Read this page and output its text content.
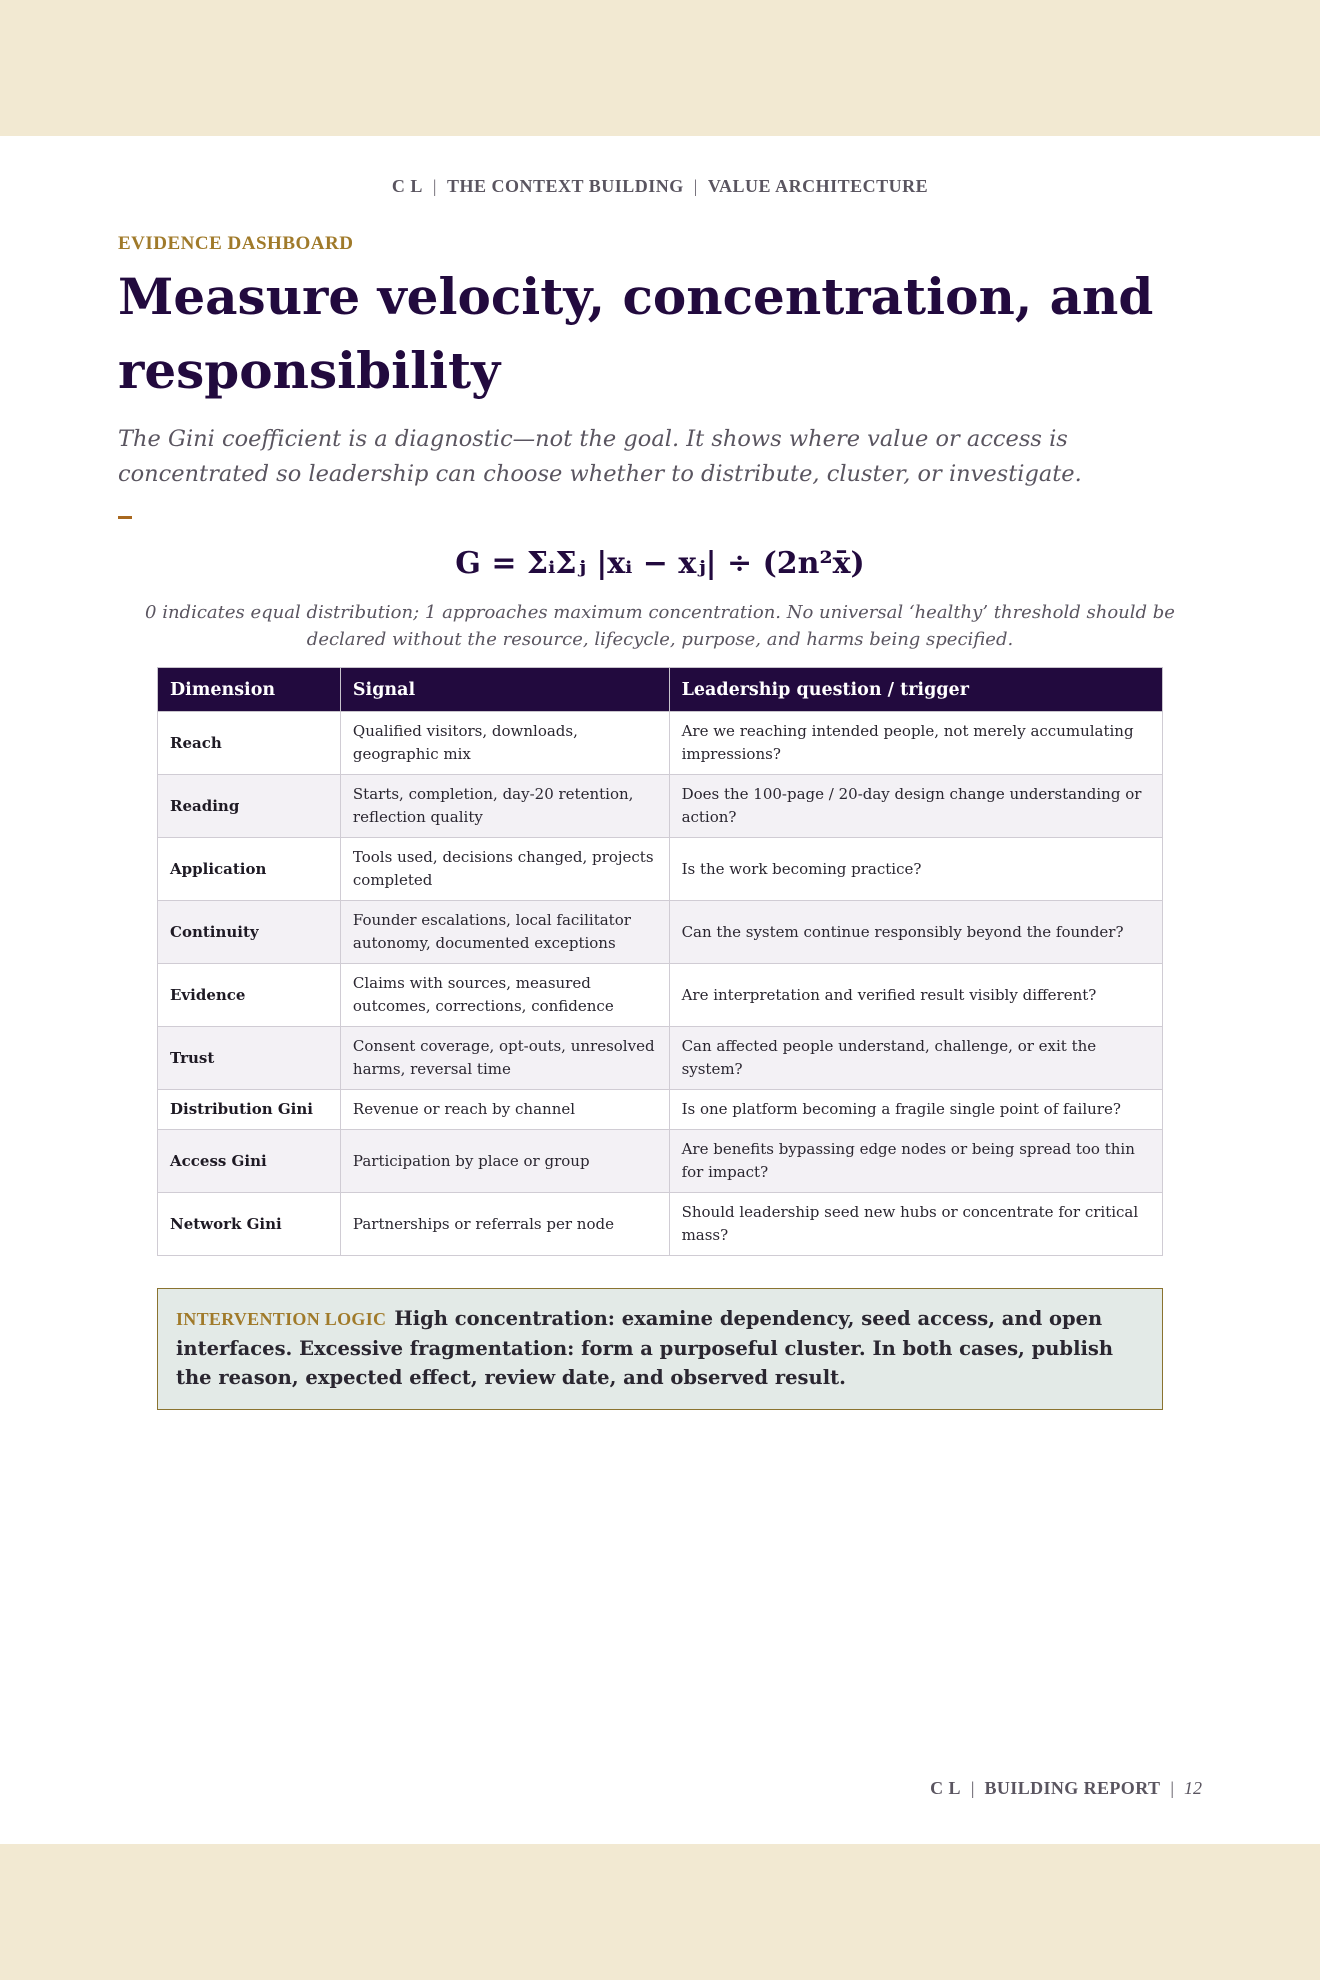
C L | THE CONTEXT BUILDING | VALUE ARCHITECTURE
EVIDENCE DASHBOARD
Measure velocity, concentration, and responsibility

The Gini coefficient is a diagnostic—not the goal. It shows where value or access is concentrated so leadership can choose whether to distribute, cluster, or investigate.

G = ΣᵢΣⱼ |xᵢ − xⱼ| ÷ (2n²x̄)
0 indicates equal distribution; 1 approaches maximum concentration. No universal ‘healthy’ threshold should be declared without the resource, lifecycle, purpose, and harms being specified.
Dimension	Signal	Leadership question / trigger
Reach	Qualified visitors, downloads, geographic mix	Are we reaching intended people, not merely accumulating impressions?
Reading	Starts, completion, day-20 retention, reflection quality	Does the 100-page / 20-day design change understanding or action?
Application	Tools used, decisions changed, projects completed	Is the work becoming practice?
Continuity	Founder escalations, local facilitator autonomy, documented exceptions	Can the system continue responsibly beyond the founder?
Evidence	Claims with sources, measured outcomes, corrections, confidence	Are interpretation and verified result visibly different?
Trust	Consent coverage, opt-outs, unresolved harms, reversal time	Can affected people understand, challenge, or exit the system?
Distribution Gini	Revenue or reach by channel	Is one platform becoming a fragile single point of failure?
Access Gini	Participation by place or group	Are benefits bypassing edge nodes or being spread too thin for impact?
Network Gini	Partnerships or referrals per node	Should leadership seed new hubs or concentrate for critical mass?
INTERVENTION LOGIC High concentration: examine dependency, seed access, and open interfaces. Excessive fragmentation: form a purposeful cluster. In both cases, publish the reason, expected effect, review date, and observed result.
C L | BUILDING REPORT | 12
